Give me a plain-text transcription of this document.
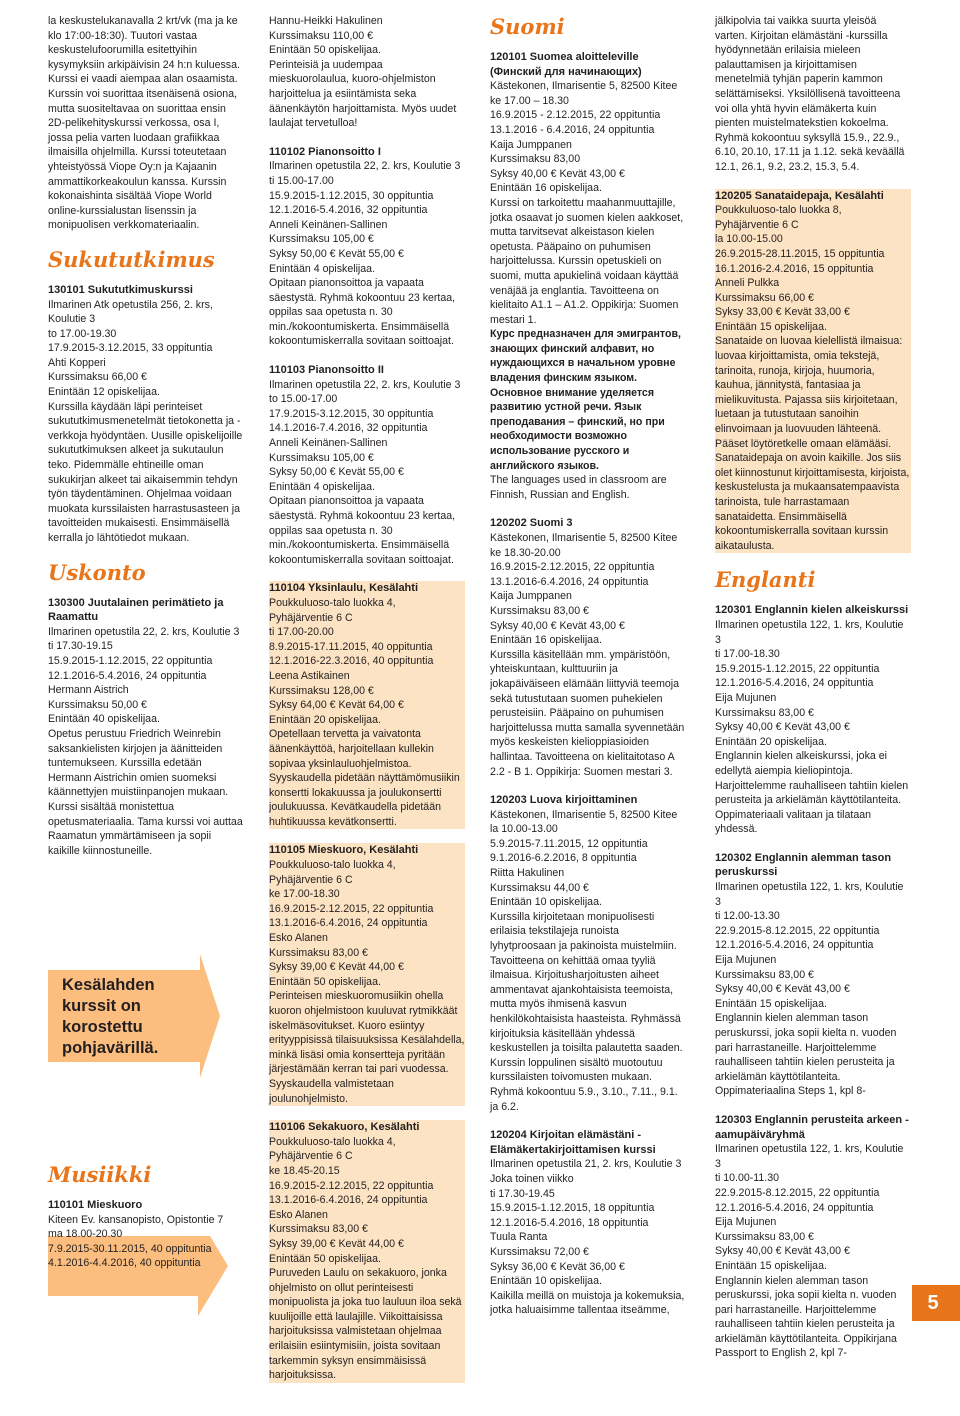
la keskustelukanavalla 2 krt/vk (ma ja ke klo 17:00-18:30). Tuutori vastaa keskustelufoorumilla esitettyihin kysymyksiin arkipäivisin 24 h:n kuluessa. Kurssi ei vaadi aiempaa alan osaamista. Kurssin voi suorittaa itsenäisenä osiona, mutta suositeltavaa on suorittaa ensin 2D-pelikehityskurssi verkossa, osa I, jossa pelia varten luodaan grafiikkaa ilmaisilla ohjelmilla. Kurssi toteutetaan yhteistyössä Viope Oy:n ja Kajaanin ammattikorkeakoulun kanssa. Kurssin kokonaishinta sisältää Viope World online-kurssialustan lisenssin ja monipuolisen verkkomateriaalin.

Sukututkimus

130101 Sukututkimuskurssi

Ilmarinen Atk opetustila 256, 2. krs, Koulutie 3

to 17.00-19.30

17.9.2015-3.12.2015, 33 oppituntia

Ahti Kopperi

Kurssimaksu 66,00 €

Enintään 12 opiskelijaa.

Kurssilla käydään läpi perinteiset sukututkimusmenetelmät tietokonetta ja -verkkoja hyödyntäen. Uusille opiskelijoille sukututkimuksen alkeet ja sukutaulun teko. Pidemmälle ehtineille oman sukukirjan alkeet tai aikaisemmin tehdyn työn täydentäminen. Ohjelmaa voidaan muokata kurssilaisten harrastusasteen ja tavoitteiden mukaisesti. Ensimmäisellä kerralla jo lähtötiedot mukaan.

Uskonto

130300 Juutalainen perimätieto ja Raamattu

Ilmarinen opetustila 22, 2. krs, Koulutie 3

ti 17.30-19.15

15.9.2015-1.12.2015, 22 oppituntia

12.1.2016-5.4.2016, 24 oppituntia

Hermann Aistrich

Kurssimaksu 50,00 €

Enintään 40 opiskelijaa.

Opetus perustuu Friedrich Weinrebin saksankielisten kirjojen ja äänitteiden tuntemukseen. Kurssilla edetään Hermann Aistrichin omien suomeksi käännettyjen muistiinpanojen mukaan. Kurssi sisältää monistettua opetusmateriaalia. Tama kurssi voi auttaa Raamatun ymmärtämiseen ja sopii kaikille kiinnostuneille.

Hannu-Heikki Hakulinen

Kurssimaksu 110,00 €

Enintään 50 opiskelijaa.

Perinteisiä ja uudempaa mieskuorolaulua, kuoro-ohjelmiston harjoittelua ja esiintämista seka äänenkäytön harjoittamista. Myös uudet laulajat tervetulloa!

110102 Pianonsoitto I

Ilmarinen opetustila 22, 2. krs, Koulutie 3

ti 15.00-17.00

15.9.2015-1.12.2015, 30 oppituntia

12.1.2016-5.4.2016, 32 oppituntia

Anneli Keinänen-Sallinen

Kurssimaksu 105,00 €

Syksy 50,00 € Kevät 55,00 €

Enintään 4 opiskelijaa.

Opitaan pianonsoittoa ja vapaata säestystä. Ryhmä kokoontuu 23 kertaa, oppilas saa opetusta n. 30 min./kokoontumiskerta. Ensimmäisellä kokoontumiskerralla sovitaan soittoajat.

110103 Pianonsoitto II

Ilmarinen opetustila 22, 2. krs, Koulutie 3

to 15.00-17.00

17.9.2015-3.12.2015, 30 oppituntia

14.1.2016-7.4.2016, 32 oppituntia

Anneli Keinänen-Sallinen

Kurssimaksu 105,00 €

Syksy 50,00 € Kevät 55,00 €

Enintään 4 opiskelijaa.

Opitaan pianonsoittoa ja vapaata säestystä. Ryhmä kokoontuu 23 kertaa, oppilas saa opetusta n. 30 min./kokoontumiskerta. Ensimmäisellä kokoontumiskerralla sovitaan soittoajat.

110104 Yksinlaulu, Kesälahti

Poukkuluoso-talo luokka 4,

Pyhäjärventie 6 C

ti 17.00-20.00

8.9.2015-17.11.2015, 40 oppituntia

12.1.2016-22.3.2016, 40 oppituntia

Leena Astikainen

Kurssimaksu 128,00 €

Syksy 64,00 € Kevät 64,00 €

Enintään 20 opiskelijaa.

Opetellaan tervetta ja vaivatonta äänenkäyttöä, harjoitellaan kullekin sopivaa yksinlauluohjelmistoa. Syyskaudella pidetään näyttämömusiikin konsertti lokakuussa ja joulukonsertti joulukuussa. Kevätkaudella pidetään huhtikuussa kevätkonsertti.

110105 Mieskuoro, Kesälahti

Poukkuluoso-talo luokka 4,

Pyhäjärventie 6 C

ke 17.00-18.30

16.9.2015-2.12.2015, 22 oppituntia

13.1.2016-6.4.2016, 24 oppituntia

Esko Alanen

Kurssimaksu 83,00 €

Syksy 39,00 € Kevät 44,00 €

Enintään 50 opiskelijaa.

Perinteisen mieskuoromusiikin ohella kuoron ohjelmistoon kuuluvat rytmikkäät iskelmäsovitukset. Kuoro esiintyy erityyppisissä tilaisuuksissa Kesälahdella, minkä lisäsi omia konsertteja pyritään järjestämään kerran tai pari vuodessa. Syyskaudella valmistetaan joulunohjelmisto.

110106 Sekakuoro, Kesälahti

Poukkuluoso-talo luokka 4,

Pyhäjärventie 6 C

ke 18.45-20.15

16.9.2015-2.12.2015, 22 oppituntia

13.1.2016-6.4.2016, 24 oppituntia

Esko Alanen

Kurssimaksu 83,00 €

Syksy 39,00 € Kevät 44,00 €

Enintään 50 opiskelijaa.

Puruveden Laulu on sekakuoro, jonka ohjelmisto on ollut perinteisesti monipuolista ja joka tuo lauluun iloa sekä kuulijoille että laulajille. Viikoittaisissa harjoituksissa valmistetaan ohjelmaa erilaisiin esiintymisiin, joista sovitaan tarkemmin syksyn ensimmäisissä harjoituksissa.

Suomi

120101 Suomea aloitteleville (Финский для начинающих)

Kästekonen, Ilmarisentie 5, 82500 Kitee

ke 17.00 – 18.30

16.9.2015 - 2.12.2015, 22 oppituntia

13.1.2016 - 6.4.2016, 24 oppituntia

Kaija Jumppanen

Kurssimaksu 83,00

Syksy 40,00 € Kevät 43,00 €

Enintään 16 opiskelijaa.

Kurssi on tarkoitettu maahanmuuttajille, jotka osaavat jo suomen kielen aakkoset, mutta tarvitsevat alkeistason kielen opetusta. Pääpaino on puhumisen harjoittelussa. Kurssin opetuskieli on suomi, mutta apukielinä voidaan käyttää venäjää ja englantia. Tavoitteena on kielitaito A1.1 – A1.2. Oppikirja: Suomen mestari 1.

Курс предназначен для эмигрантов, знающих финский алфавит, но нуждающихся в начальном уровне владения финским языком. Основное внимание уделяется развитию устной речи. Язык преподавания – финский, но при необходимости возможно использование русского и английского языков.

The languages used in classroom are Finnish, Russian and English.

120202 Suomi 3

Kästekonen, Ilmarisentie 5, 82500 Kitee

ke 18.30-20.00

16.9.2015-2.12.2015, 22 oppituntia

13.1.2016-6.4.2016, 24 oppituntia

Kaija Jumppanen

Kurssimaksu 83,00 €

Syksy 40,00 € Kevät 43,00 €

Enintään 16 opiskelijaa.

Kurssilla käsitellään mm. ympäristöön, yhteiskuntaan, kulttuuriin ja jokapäiväiseen elämään liittyviä teemoja sekä tutustutaan suomen puhekielen perusteisiin. Pääpaino on puhumisen harjoittelussa mutta samalla syvennetään myös keskeisten kielioppiasioiden hallintaa. Tavoitteena on kielitaitotaso A 2.2 - B 1. Oppikirja: Suomen mestari 3.

120203 Luova kirjoittaminen

Kästekonen, Ilmarisentie 5, 82500 Kitee

la 10.00-13.00

5.9.2015-7.11.2015, 12 oppituntia

9.1.2016-6.2.2016, 8 oppituntia

Riitta Hakulinen

Kurssimaksu 44,00 €

Enintään 10 opiskelijaa.

Kurssilla kirjoitetaan monipuolisesti erilaisia tekstilajeja runoista lyhytproosaan ja pakinoista muistelmiin. Tavoitteena on kehittää omaa tyyliä ilmaisua. Kirjoitusharjoitusten aiheet ammentavat ajankohtaisista teemoista, mutta myös ihmisenä kasvun henkilökohtaisista haasteista. Ryhmässä kirjoituksia käsitellään yhdessä keskustellen ja toisilta palautetta saaden. Kurssin loppulinen sisältö muotoutuu kurssilaisten toivomusten mukaan. Ryhmä kokoontuu 5.9., 3.10., 7.11., 9.1. ja 6.2.

120204 Kirjoitan elämästäni - Elämäkertakirjoittamisen kurssi

Ilmarinen opetustila 21, 2. krs, Koulutie 3

Joka toinen viikko

ti 17.30-19.45

15.9.2015-1.12.2015, 18 oppituntia

12.1.2016-5.4.2016, 18 oppituntia

Tuula Ranta

Kurssimaksu 72,00 €

Syksy 36,00 € Kevät 36,00 €

Enintään 10 opiskelijaa.

Kaikilla meillä on muistoja ja kokemuksia, jotka haluaisimme tallentaa itseämme,

jälkipolvia tai vaikka suurta yleisöä varten. Kirjoitan elämästäni -kurssilla hyödynnetään erilaisia mieleen palauttamisen ja kirjoittamisen menetelmiä tyhjän paperin kammon selättämiseksi. Yksilöllisenä tavoitteena voi olla yhtä hyvin elämäkerta kuin pienten muistelmatekstien kokoelma. Ryhmä kokoontuu syksyllä 15.9., 22.9., 6.10, 20.10, 17.11 ja 1.12. sekä keväällä 12.1, 26.1, 9.2, 23.2, 15.3, 5.4.

120205 Sanataidepaja, Kesälahti

Poukkuluoso-talo luokka 8,

Pyhäjärventie 6 C

la 10.00-15.00

26.9.2015-28.11.2015, 15 oppituntia

16.1.2016-2.4.2016, 15 oppituntia

Anneli Pulkka

Kurssimaksu 66,00 €

Syksy 33,00 € Kevät 33,00 €

Enintään 15 opiskelijaa.

Sanataide on luovaa kielellistä ilmaisua: luovaa kirjoittamista, omia tekstejä, tarinoita, runoja, kirjoja, huumoria, kauhua, jännitystä, fantasiaa ja mielikuvitusta. Pajassa siis kirjoitetaan, luetaan ja tutustutaan sanoihin elinvoimaan ja luovuuden lähteenä. Pääset löytöretkelle omaan elämääsi. Sanataidepaja on avoin kaikille. Jos siis olet kiinnostunut kirjoittamisesta, kirjoista, keskustelusta ja mukaansatempaavista tarinoista, tule harrastamaan sanataidetta. Ensimmäisellä kokoontumiskerralla sovitaan kurssin aikataulusta.

Englanti

120301 Englannin kielen alkeiskurssi

Ilmarinen opetustila 122, 1. krs, Koulutie 3

ti 17.00-18.30

15.9.2015-1.12.2015, 22 oppituntia

12.1.2016-5.4.2016, 24 oppituntia

Eija Mujunen

Kurssimaksu 83,00 €

Syksy 40,00 € Kevät 43,00 €

Enintään 20 opiskelijaa.

Englannin kielen alkeiskurssi, joka ei edellytä aiempia kieliopintoja. Harjoittelemme rauhalliseen tahtiin kielen perusteita ja arkielämän käyttötilanteita. Oppimateriaali valitaan ja tilataan yhdessä.

120302 Englannin alemman tason peruskurssi

Ilmarinen opetustila 122, 1. krs, Koulutie 3

ti 12.00-13.30

22.9.2015-8.12.2015, 22 oppituntia

12.1.2016-5.4.2016, 24 oppituntia

Eija Mujunen

Kurssimaksu 83,00 €

Syksy 40,00 € Kevät 43,00 €

Enintään 15 opiskelijaa.

Englannin kielen alemman tason peruskurssi, joka sopii kielta n. vuoden pari harrastaneille. Harjoittelemme rauhalliseen tahtiin kielen perusteita ja arkielämän käyttötilanteita. Oppimateriaalina Steps 1, kpl 8-

120303 Englannin perusteita arkeen - aamupäiväryhmä

Ilmarinen opetustila 122, 1. krs, Koulutie 3

ti 10.00-11.30

22.9.2015-8.12.2015, 22 oppituntia

12.1.2016-5.4.2016, 24 oppituntia

Eija Mujunen

Kurssimaksu 83,00 €

Syksy 40,00 € Kevät 43,00 €

Enintään 15 opiskelijaa.

Englannin kielen alemman tason peruskurssi, joka sopii kielta n. vuoden pari harrastaneille. Harjoittelemme rauhalliseen tahtiin kielen perusteita ja arkielämän käyttötilanteita. Oppikirjana Passport to English 2, kpl 7-

Kesälahden kurssit on korostettu pohjavärillä.

Musiikki

110101 Mieskuoro

Kiteen Ev. kansanopisto, Opistontie 7

ma 18.00-20.30

7.9.2015-30.11.2015, 40 oppituntia

4.1.2016-4.4.2016, 40 oppituntia

5
